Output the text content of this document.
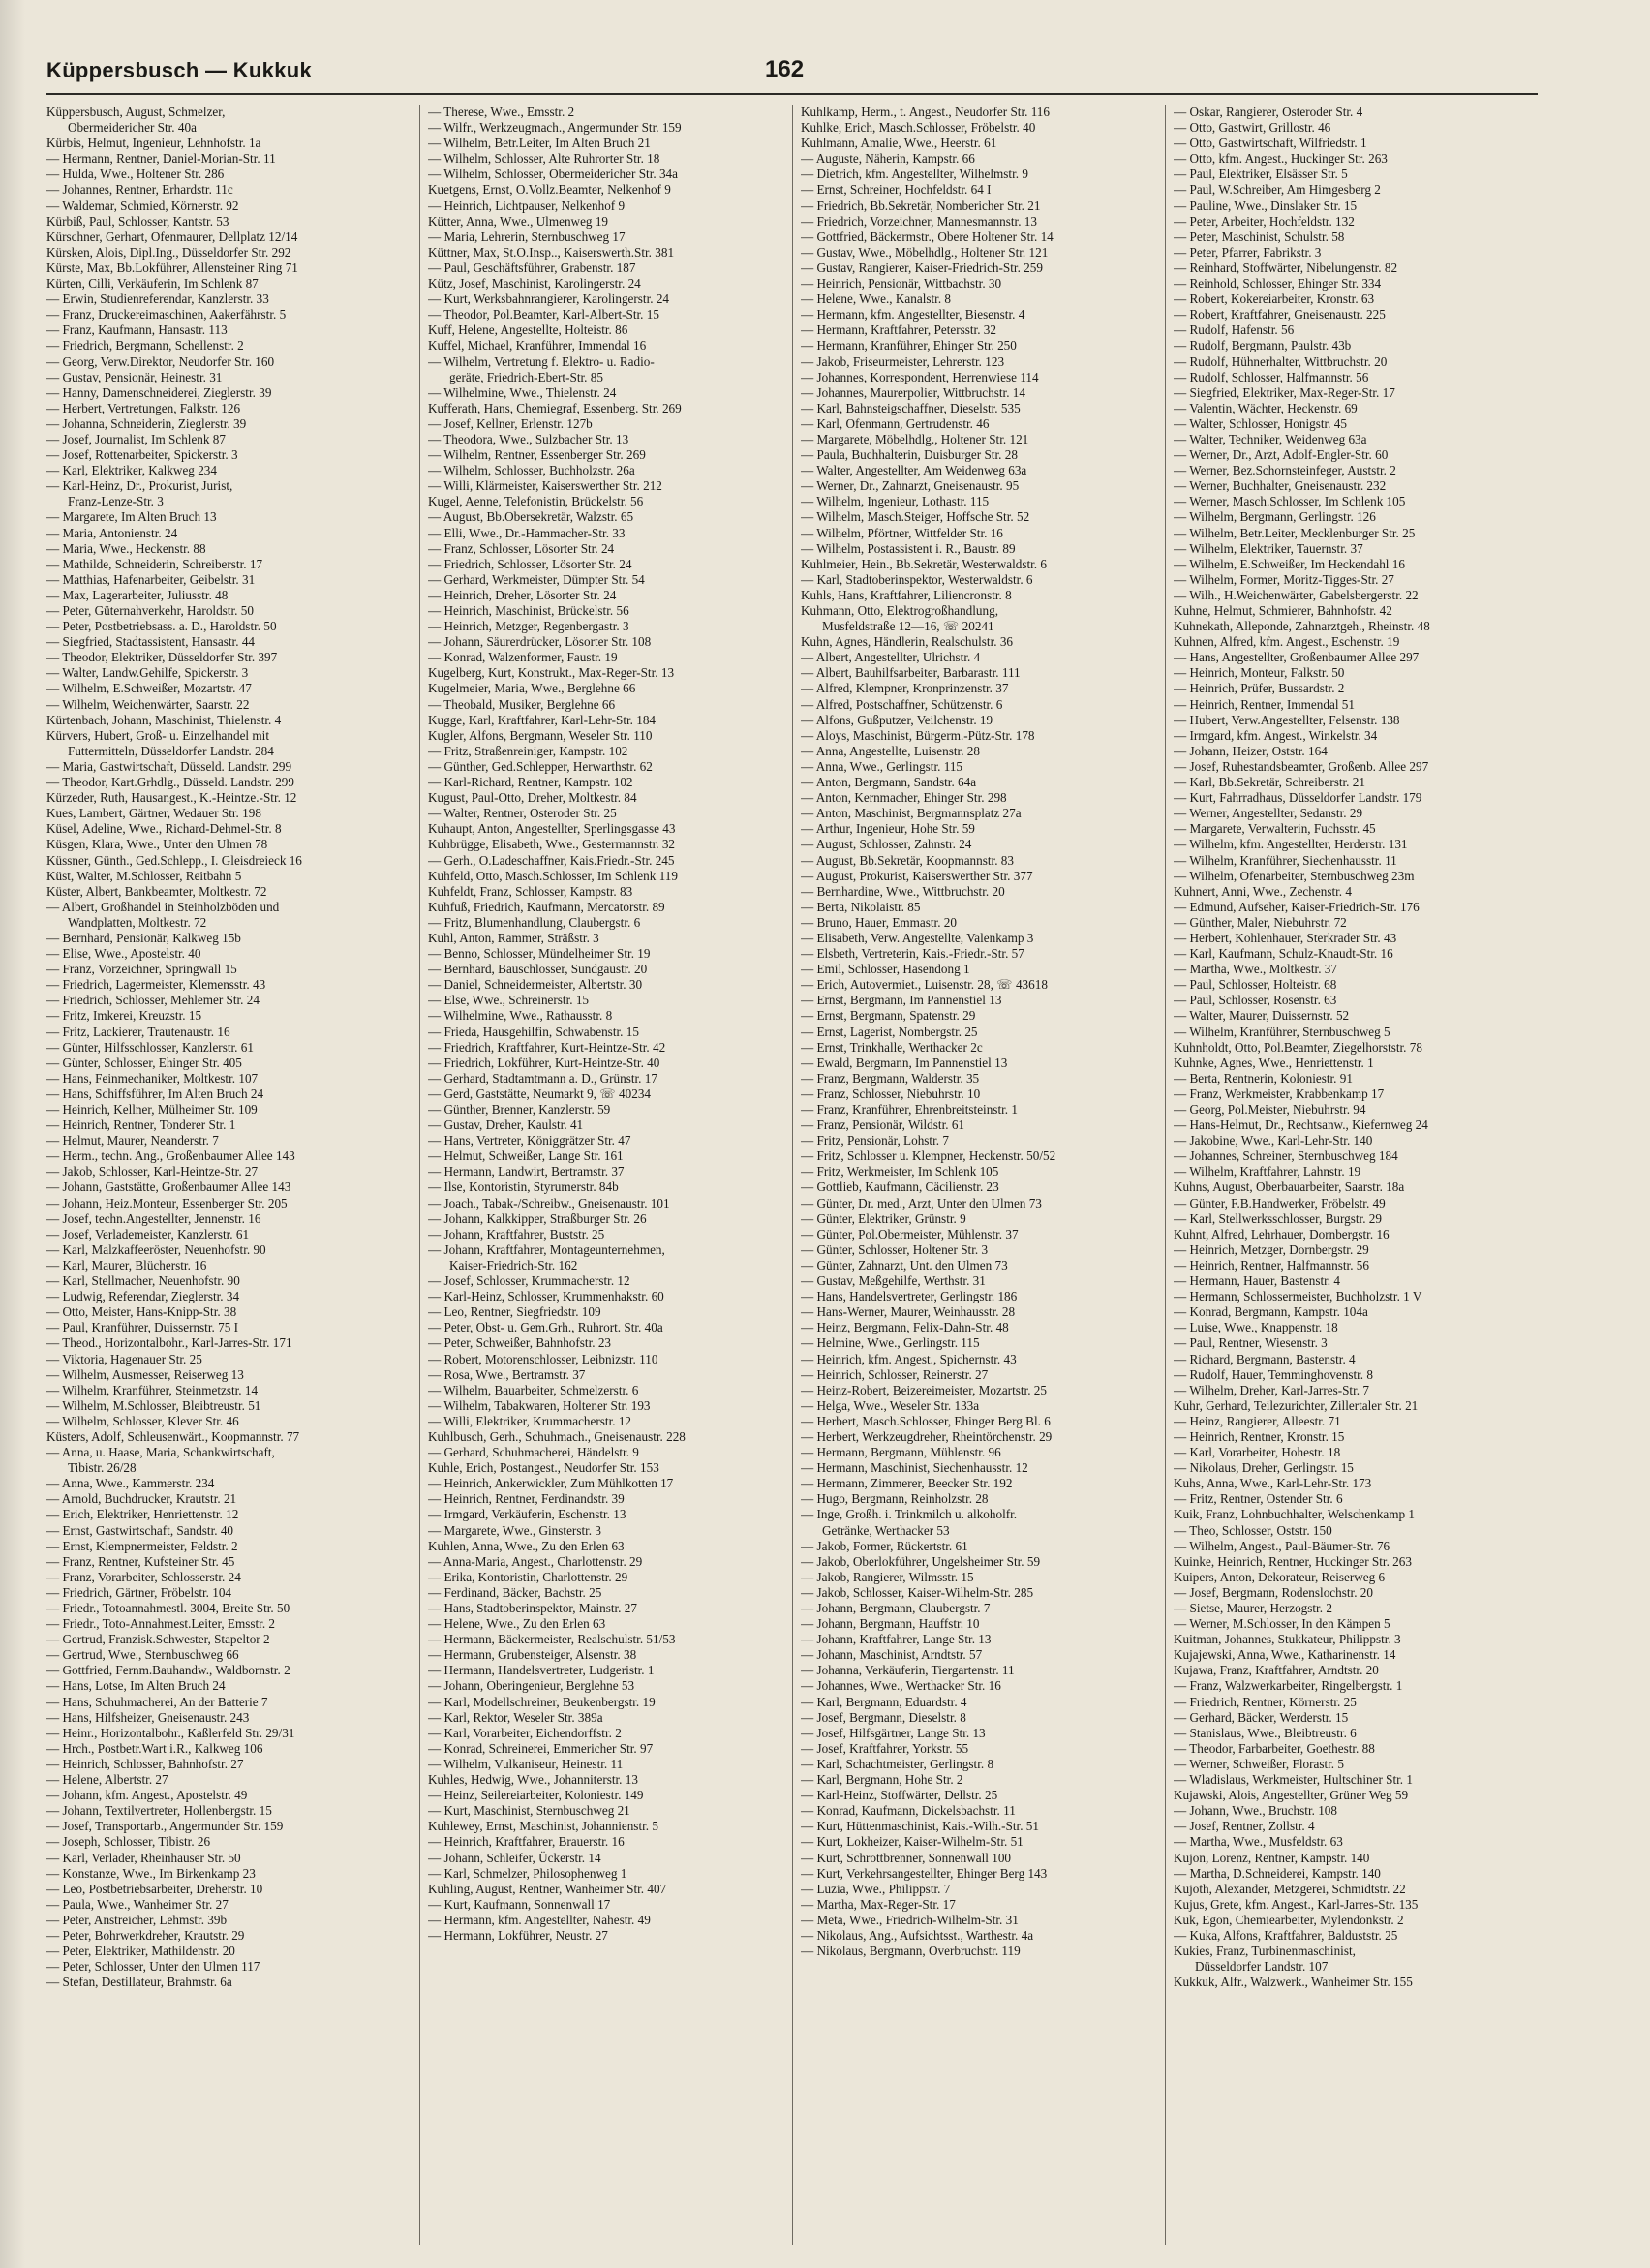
Küppersbusch — Kukkuk	162
Küppersbusch, August, Schmelzer,
Obermeidericher Str. 40a
Kürbis, Helmut, Ingenieur, Lehnhofstr. 1a
— Hermann, Rentner, Daniel-Morian-Str. 11
— Hulda, Wwe., Holtener Str. 286
— Johannes, Rentner, Erhardstr. 11c
— Waldemar, Schmied, Körnerstr. 92
Kürbiß, Paul, Schlosser, Kantstr. 53
Kürschner, Gerhart, Ofenmaurer, Dellplatz 12/14
Kürsken, Alois, Dipl.Ing., Düsseldorfer Str. 292
Kürste, Max, Bb.Lokführer, Allensteiner Ring 71
Kürten, Cilli, Verkäuferin, Im Schlenk 87
— Erwin, Studienreferendar, Kanzlerstr. 33
— Franz, Druckereimaschinen, Aakerfährstr. 5
— Franz, Kaufmann, Hansastr. 113
— Friedrich, Bergmann, Schellenstr. 2
— Georg, Verw.Direktor, Neudorfer Str. 160
— Gustav, Pensionär, Heinestr. 31
— Hanny, Damenschneiderei, Zieglerstr. 39
— Herbert, Vertretungen, Falkstr. 126
— Johanna, Schneiderin, Zieglerstr. 39
— Josef, Journalist, Im Schlenk 87
— Josef, Rottenarbeiter, Spickerstr. 3
— Karl, Elektriker, Kalkweg 234
— Karl-Heinz, Dr., Prokurist, Jurist,
Franz-Lenze-Str. 3
— Margarete, Im Alten Bruch 13
— Maria, Antonienstr. 24
— Maria, Wwe., Heckenstr. 88
— Mathilde, Schneiderin, Schreiberstr. 17
— Matthias, Hafenarbeiter, Geibelstr. 31
— Max, Lagerarbeiter, Juliusstr. 48
— Peter, Güternahverkehr, Haroldstr. 50
— Peter, Postbetriebsass. a. D., Haroldstr. 50
— Siegfried, Stadtassistent, Hansastr. 44
— Theodor, Elektriker, Düsseldorfer Str. 397
— Walter, Landw.Gehilfe, Spickerstr. 3
— Wilhelm, E.Schweißer, Mozartstr. 47
— Wilhelm, Weichenwärter, Saarstr. 22
Kürtenbach, Johann, Maschinist, Thielenstr. 4
Kürvers, Hubert, Groß- u. Einzelhandel mit
Futtermitteln, Düsseldorfer Landstr. 284
— Maria, Gastwirtschaft, Düsseld. Landstr. 299
— Theodor, Kart.Grhdlg., Düsseld. Landstr. 299
Kürzeder, Ruth, Hausangest., K.-Heintze.-Str. 12
Kues, Lambert, Gärtner, Wedauer Str. 198
Küsel, Adeline, Wwe., Richard-Dehmel-Str. 8
Küsgen, Klara, Wwe., Unter den Ulmen 78
Küssner, Günth., Ged.Schlepp., I. Gleisdreieck 16
Küst, Walter, M.Schlosser, Reitbahn 5
Küster, Albert, Bankbeamter, Moltkestr. 72
— Albert, Großhandel in Steinholzböden und
Wandplatten, Moltkestr. 72
— Bernhard, Pensionär, Kalkweg 15b
— Elise, Wwe., Apostelstr. 40
— Franz, Vorzeichner, Springwall 15
— Friedrich, Lagermeister, Klemensstr. 43
— Friedrich, Schlosser, Mehlemer Str. 24
— Fritz, Imkerei, Kreuzstr. 15
— Fritz, Lackierer, Trautenaustr. 16
— Günter, Hilfsschlosser, Kanzlerstr. 61
— Günter, Schlosser, Ehinger Str. 405
— Hans, Feinmechaniker, Moltkestr. 107
— Hans, Schiffsführer, Im Alten Bruch 24
— Heinrich, Kellner, Mülheimer Str. 109
— Heinrich, Rentner, Tonderer Str. 1
— Helmut, Maurer, Neanderstr. 7
— Herm., techn. Ang., Großenbaumer Allee 143
— Jakob, Schlosser, Karl-Heintze-Str. 27
— Johann, Gaststätte, Großenbaumer Allee 143
— Johann, Heiz.Monteur, Essenberger Str. 205
— Josef, techn.Angestellter, Jennenstr. 16
— Josef, Verlademeister, Kanzlerstr. 61
— Karl, Malzkaffeeröster, Neuenhofstr. 90
— Karl, Maurer, Blücherstr. 16
— Karl, Stellmacher, Neuenhofstr. 90
— Ludwig, Referendar, Zieglerstr. 34
— Otto, Meister, Hans-Knipp-Str. 38
— Paul, Kranführer, Duissernstr. 75 I
— Theod., Horizontalbohr., Karl-Jarres-Str. 171
— Viktoria, Hagenauer Str. 25
— Wilhelm, Ausmesser, Reiserweg 13
— Wilhelm, Kranführer, Steinmetzstr. 14
— Wilhelm, M.Schlosser, Bleibtreustr. 51
— Wilhelm, Schlosser, Klever Str. 46
Küsters, Adolf, Schleusenwärt., Koopmannstr. 77
— Anna, u. Haase, Maria, Schankwirtschaft,
Tibistr. 26/28
— Anna, Wwe., Kammerstr. 234
— Arnold, Buchdrucker, Krautstr. 21
— Erich, Elektriker, Henriettenstr. 12
— Ernst, Gastwirtschaft, Sandstr. 40
— Ernst, Klempnermeister, Feldstr. 2
— Franz, Rentner, Kufsteiner Str. 45
— Franz, Vorarbeiter, Schlosserstr. 24
— Friedrich, Gärtner, Fröbelstr. 104
— Friedr., Totoannahmestl. 3004, Breite Str. 50
— Friedr., Toto-Annahmest.Leiter, Emsstr. 2
— Gertrud, Franzisk.Schwester, Stapeltor 2
— Gertrud, Wwe., Sternbuschweg 66
— Gottfried, Fernm.Bauhandw., Waldbornstr. 2
— Hans, Lotse, Im Alten Bruch 24
— Hans, Schuhmacherei, An der Batterie 7
— Hans, Hilfsheizer, Gneisenaustr. 243
— Heinr., Horizontalbohr., Kaßlerfeld Str. 29/31
— Hrch., Postbetr.Wart i.R., Kalkweg 106
— Heinrich, Schlosser, Bahnhofstr. 27
— Helene, Albertstr. 27
— Johann, kfm. Angest., Apostelstr. 49
— Johann, Textilvertreter, Hollenbergstr. 15
— Josef, Transportarb., Angermunder Str. 159
— Joseph, Schlosser, Tibistr. 26
— Karl, Verlader, Rheinhauser Str. 50
— Konstanze, Wwe., Im Birkenkamp 23
— Leo, Postbetriebsarbeiter, Dreherstr. 10
— Paula, Wwe., Wanheimer Str. 27
— Peter, Anstreicher, Lehmstr. 39b
— Peter, Bohrwerkdreher, Krautstr. 29
— Peter, Elektriker, Mathildenstr. 20
— Peter, Schlosser, Unter den Ulmen 117
— Stefan, Destillateur, Brahmstr. 6a
— Therese, Wwe., Emsstr. 2
— Wilfr., Werkzeugmach., Angermunder Str. 159
— Wilhelm, Betr.Leiter, Im Alten Bruch 21
— Wilhelm, Schlosser, Alte Ruhrorter Str. 18
— Wilhelm, Schlosser, Obermeidericher Str. 34a
Kuetgens, Ernst, O.Vollz.Beamter, Nelkenhof 9
— Heinrich, Lichtpauser, Nelkenhof 9
Kütter, Anna, Wwe., Ulmenweg 19
— Maria, Lehrerin, Sternbuschweg 17
Küttner, Max, St.O.Insp.., Kaiserswerth.Str. 381
— Paul, Geschäftsführer, Grabenstr. 187
Kütz, Josef, Maschinist, Karolingerstr. 24
— Kurt, Werksbahnrangierer, Karolingerstr. 24
— Theodor, Pol.Beamter, Karl-Albert-Str. 15
Kuff, Helene, Angestellte, Holteistr. 86
Kuffel, Michael, Kranführer, Immendal 16
— Wilhelm, Vertretung f. Elektro- u. Radio-
geräte, Friedrich-Ebert-Str. 85
— Wilhelmine, Wwe., Thielenstr. 24
Kufferath, Hans, Chemiegraf, Essenberg. Str. 269
— Josef, Kellner, Erlenstr. 127b
— Theodora, Wwe., Sulzbacher Str. 13
— Wilhelm, Rentner, Essenberger Str. 269
— Wilhelm, Schlosser, Buchholzstr. 26a
— Willi, Klärmeister, Kaiserswerther Str. 212
Kugel, Aenne, Telefonistin, Brückelstr. 56
— August, Bb.Obersekretär, Walzstr. 65
— Elli, Wwe., Dr.-Hammacher-Str. 33
— Franz, Schlosser, Lösorter Str. 24
— Friedrich, Schlosser, Lösorter Str. 24
— Gerhard, Werkmeister, Dümpter Str. 54
— Heinrich, Dreher, Lösorter Str. 24
— Heinrich, Maschinist, Brückelstr. 56
— Heinrich, Metzger, Regenbergastr. 3
— Johann, Säurerdrücker, Lösorter Str. 108
— Konrad, Walzenformer, Faustr. 19
Kugelberg, Kurt, Konstrukt., Max-Reger-Str. 13
Kugelmeier, Maria, Wwe., Berglehne 66
— Theobald, Musiker, Berglehne 66
Kugge, Karl, Kraftfahrer, Karl-Lehr-Str. 184
Kugler, Alfons, Bergmann, Weseler Str. 110
— Fritz, Straßenreiniger, Kampstr. 102
— Günther, Ged.Schlepper, Herwarthstr. 62
— Karl-Richard, Rentner, Kampstr. 102
Kugust, Paul-Otto, Dreher, Moltkestr. 84
— Walter, Rentner, Osteroder Str. 25
Kuhaupt, Anton, Angestellter, Sperlingsgasse 43
Kuhbrügge, Elisabeth, Wwe., Gestermannstr. 32
— Gerh., O.Ladeschaffner, Kais.Friedr.-Str. 245
Kuhfeld, Otto, Masch.Schlosser, Im Schlenk 119
Kuhfeldt, Franz, Schlosser, Kampstr. 83
Kuhfuß, Friedrich, Kaufmann, Mercatorstr. 89
— Fritz, Blumenhandlung, Claubergstr. 6
Kuhl, Anton, Rammer, Sträßstr. 3
— Benno, Schlosser, Mündelheimer Str. 19
— Bernhard, Bauschlosser, Sundgaustr. 20
— Daniel, Schneidermeister, Albertstr. 30
— Else, Wwe., Schreinerstr. 15
— Wilhelmine, Wwe., Rathausstr. 8
— Frieda, Hausgehilfin, Schwabenstr. 15
— Friedrich, Kraftfahrer, Kurt-Heintze-Str. 42
— Friedrich, Lokführer, Kurt-Heintze-Str. 40
— Gerhard, Stadtamtmann a. D., Grünstr. 17
— Gerd, Gaststätte, Neumarkt 9, ☏ 40234
— Günther, Brenner, Kanzlerstr. 59
— Gustav, Dreher, Kaulstr. 41
— Hans, Vertreter, Königgrätzer Str. 47
— Helmut, Schweißer, Lange Str. 161
— Hermann, Landwirt, Bertramstr. 37
— Ilse, Kontoristin, Styrumerstr. 84b
— Joach., Tabak-/Schreibw., Gneisenaustr. 101
— Johann, Kalkkipper, Straßburger Str. 26
— Johann, Kraftfahrer, Buststr. 25
— Johann, Kraftfahrer, Montageunternehmen,
Kaiser-Friedrich-Str. 162
— Josef, Schlosser, Krummacherstr. 12
— Karl-Heinz, Schlosser, Krummenhakstr. 60
— Leo, Rentner, Siegfriedstr. 109
— Peter, Obst- u. Gem.Grh., Ruhrort. Str. 40a
— Peter, Schweißer, Bahnhofstr. 23
— Robert, Motorenschlosser, Leibnizstr. 110
— Rosa, Wwe., Bertramstr. 37
— Wilhelm, Bauarbeiter, Schmelzerstr. 6
— Wilhelm, Tabakwaren, Holtener Str. 193
— Willi, Elektriker, Krummacherstr. 12
Kuhlbusch, Gerh., Schuhmach., Gneisenaustr. 228
— Gerhard, Schuhmacherei, Händelstr. 9
Kuhle, Erich, Postangest., Neudorfer Str. 153
— Heinrich, Ankerwickler, Zum Mühlkotten 17
— Heinrich, Rentner, Ferdinandstr. 39
— Irmgard, Verkäuferin, Eschenstr. 13
— Margarete, Wwe., Ginsterstr. 3
Kuhlen, Anna, Wwe., Zu den Erlen 63
— Anna-Maria, Angest., Charlottenstr. 29
— Erika, Kontoristin, Charlottenstr. 29
— Ferdinand, Bäcker, Bachstr. 25
— Hans, Stadtoberinspektor, Mainstr. 27
— Helene, Wwe., Zu den Erlen 63
— Hermann, Bäckermeister, Realschulstr. 51/53
— Hermann, Grubensteiger, Alsenstr. 38
— Hermann, Handelsvertreter, Ludgeristr. 1
— Johann, Oberingenieur, Berglehne 53
— Karl, Modellschreiner, Beukenbergstr. 19
— Karl, Rektor, Weseler Str. 389a
— Karl, Vorarbeiter, Eichendorffstr. 2
— Konrad, Schreinerei, Emmericher Str. 97
— Wilhelm, Vulkaniseur, Heinestr. 11
Kuhles, Hedwig, Wwe., Johanniterstr. 13
— Heinz, Seilereiarbeiter, Koloniestr. 149
— Kurt, Maschinist, Sternbuschweg 21
Kuhlewey, Ernst, Maschinist, Johannienstr. 5
— Heinrich, Kraftfahrer, Brauerstr. 16
— Johann, Schleifer, Ückerstr. 14
— Karl, Schmelzer, Philosophenweg 1
Kuhling, August, Rentner, Wanheimer Str. 407
— Kurt, Kaufmann, Sonnenwall 17
— Hermann, kfm. Angestellter, Nahestr. 49
— Hermann, Lokführer, Neustr. 27
Kuhlkamp, Herm., t. Angest., Neudorfer Str. 116
Kuhlke, Erich, Masch.Schlosser, Fröbelstr. 40
Kuhlmann, Amalie, Wwe., Heerstr. 61
— Auguste, Näherin, Kampstr. 66
— Dietrich, kfm. Angestellter, Wilhelmstr. 9
— Ernst, Schreiner, Hochfeldstr. 64 I
— Friedrich, Bb.Sekretär, Nombericher Str. 21
— Friedrich, Vorzeichner, Mannesmannstr. 13
— Gottfried, Bäckermstr., Obere Holtener Str. 14
— Gustav, Wwe., Möbelhdlg., Holtener Str. 121
— Gustav, Rangierer, Kaiser-Friedrich-Str. 259
— Heinrich, Pensionär, Wittbachstr. 30
— Helene, Wwe., Kanalstr. 8
— Hermann, kfm. Angestellter, Biesenstr. 4
— Hermann, Kraftfahrer, Petersstr. 32
— Hermann, Kranführer, Ehinger Str. 250
— Jakob, Friseurmeister, Lehrerstr. 123
— Johannes, Korrespondent, Herrenwiese 114
— Johannes, Maurerpolier, Wittbruchstr. 14
— Karl, Bahnsteigschaffner, Dieselstr. 535
— Karl, Ofenmann, Gertrudenstr. 46
— Margarete, Möbelhdlg., Holtener Str. 121
— Paula, Buchhalterin, Duisburger Str. 28
— Walter, Angestellter, Am Weidenweg 63a
— Werner, Dr., Zahnarzt, Gneisenaustr. 95
— Wilhelm, Ingenieur, Lothastr. 115
— Wilhelm, Masch.Steiger, Hoffsche Str. 52
— Wilhelm, Pförtner, Wittfelder Str. 16
— Wilhelm, Postassistent i. R., Baustr. 89
Kuhlmeier, Hein., Bb.Sekretär, Westerwaldstr. 6
— Karl, Stadtoberinspektor, Westerwaldstr. 6
Kuhls, Hans, Kraftfahrer, Liliencronstr. 8
Kuhmann, Otto, Elektrogroßhandlung,
Musfeldstraße 12—16, ☏ 20241
Kuhn, Agnes, Händlerin, Realschulstr. 36
— Albert, Angestellter, Ulrichstr. 4
— Albert, Bauhilfsarbeiter, Barbarastr. 111
— Alfred, Klempner, Kronprinzenstr. 37
— Alfred, Postschaffner, Schützenstr. 6
— Alfons, Gußputzer, Veilchenstr. 19
— Aloys, Maschinist, Bürgerm.-Pütz-Str. 178
— Anna, Angestellte, Luisenstr. 28
— Anna, Wwe., Gerlingstr. 115
— Anton, Bergmann, Sandstr. 64a
— Anton, Kernmacher, Ehinger Str. 298
— Anton, Maschinist, Bergmannsplatz 27a
— Arthur, Ingenieur, Hohe Str. 59
— August, Schlosser, Zahnstr. 24
— August, Bb.Sekretär, Koopmannstr. 83
— August, Prokurist, Kaiserswerther Str. 377
— Bernhardine, Wwe., Wittbruchstr. 20
— Berta, Nikolaistr. 85
— Bruno, Hauer, Emmastr. 20
— Elisabeth, Verw. Angestellte, Valenkamp 3
— Elsbeth, Vertreterin, Kais.-Friedr.-Str. 57
— Emil, Schlosser, Hasendong 1
— Erich, Autovermiet., Luisenstr. 28, ☏ 43618
— Ernst, Bergmann, Im Pannenstiel 13
— Ernst, Bergmann, Spatenstr. 29
— Ernst, Lagerist, Nombergstr. 25
— Ernst, Trinkhalle, Werthacker 2c
— Ewald, Bergmann, Im Pannenstiel 13
— Franz, Bergmann, Walderstr. 35
— Franz, Schlosser, Niebuhrstr. 10
— Franz, Kranführer, Ehrenbreitsteinstr. 1
— Franz, Pensionär, Wildstr. 61
— Fritz, Pensionär, Lohstr. 7
— Fritz, Schlosser u. Klempner, Heckenstr. 50/52
— Fritz, Werkmeister, Im Schlenk 105
— Gottlieb, Kaufmann, Cäcilienstr. 23
— Günter, Dr. med., Arzt, Unter den Ulmen 73
— Günter, Elektriker, Grünstr. 9
— Günter, Pol.Obermeister, Mühlenstr. 37
— Günter, Schlosser, Holtener Str. 3
— Günter, Zahnarzt, Unt. den Ulmen 73
— Gustav, Meßgehilfe, Werthstr. 31
— Hans, Handelsvertreter, Gerlingstr. 186
— Hans-Werner, Maurer, Weinhausstr. 28
— Heinz, Bergmann, Felix-Dahn-Str. 48
— Helmine, Wwe., Gerlingstr. 115
— Heinrich, kfm. Angest., Spichernstr. 43
— Heinrich, Schlosser, Reinerstr. 27
— Heinz-Robert, Beizereimeister, Mozartstr. 25
— Helga, Wwe., Weseler Str. 133a
— Herbert, Masch.Schlosser, Ehinger Berg Bl. 6
— Herbert, Werkzeugdreher, Rheintörchenstr. 29
— Hermann, Bergmann, Mühlenstr. 96
— Hermann, Maschinist, Siechenhausstr. 12
— Hermann, Zimmerer, Beecker Str. 192
— Hugo, Bergmann, Reinholzstr. 28
— Inge, Großh. i. Trinkmilch u. alkoholfr.
Getränke, Werthacker 53
— Jakob, Former, Rückertstr. 61
— Jakob, Oberlokführer, Ungelsheimer Str. 59
— Jakob, Rangierer, Wilmsstr. 15
— Jakob, Schlosser, Kaiser-Wilhelm-Str. 285
— Johann, Bergmann, Claubergstr. 7
— Johann, Bergmann, Hauffstr. 10
— Johann, Kraftfahrer, Lange Str. 13
— Johann, Maschinist, Arndtstr. 57
— Johanna, Verkäuferin, Tiergartenstr. 11
— Johannes, Wwe., Werthacker Str. 16
— Karl, Bergmann, Eduardstr. 4
— Josef, Bergmann, Dieselstr. 8
— Josef, Hilfsgärtner, Lange Str. 13
— Josef, Kraftfahrer, Yorkstr. 55
— Karl, Schachtmeister, Gerlingstr. 8
— Karl, Bergmann, Hohe Str. 2
— Karl-Heinz, Stoffwärter, Dellstr. 25
— Konrad, Kaufmann, Dickelsbachstr. 11
— Kurt, Hüttenmaschinist, Kais.-Wilh.-Str. 51
— Kurt, Lokheizer, Kaiser-Wilhelm-Str. 51
— Kurt, Schrottbrenner, Sonnenwall 100
— Kurt, Verkehrsangestellter, Ehinger Berg 143
— Luzia, Wwe., Philippstr. 7
— Martha, Max-Reger-Str. 17
— Meta, Wwe., Friedrich-Wilhelm-Str. 31
— Nikolaus, Ang., Aufsichtsst., Warthestr. 4a
— Nikolaus, Bergmann, Overbruchstr. 119
— Oskar, Rangierer, Osteroder Str. 4
— Otto, Gastwirt, Grillostr. 46
— Otto, Gastwirtschaft, Wilfriedstr. 1
— Otto, kfm. Angest., Huckinger Str. 263
— Paul, Elektriker, Elsässer Str. 5
— Paul, W.Schreiber, Am Himgesberg 2
— Pauline, Wwe., Dinslaker Str. 15
— Peter, Arbeiter, Hochfeldstr. 132
— Peter, Maschinist, Schulstr. 58
— Peter, Pfarrer, Fabrikstr. 3
— Reinhard, Stoffwärter, Nibelungenstr. 82
— Reinhold, Schlosser, Ehinger Str. 334
— Robert, Kokereiarbeiter, Kronstr. 63
— Robert, Kraftfahrer, Gneisenaustr. 225
— Rudolf, Hafenstr. 56
— Rudolf, Bergmann, Paulstr. 43b
— Rudolf, Hühnerhalter, Wittbruchstr. 20
— Rudolf, Schlosser, Halfmannstr. 56
— Siegfried, Elektriker, Max-Reger-Str. 17
— Valentin, Wächter, Heckenstr. 69
— Walter, Schlosser, Honigstr. 45
— Walter, Techniker, Weidenweg 63a
— Werner, Dr., Arzt, Adolf-Engler-Str. 60
— Werner, Bez.Schornsteinfeger, Auststr. 2
— Werner, Buchhalter, Gneisenaustr. 232
— Werner, Masch.Schlosser, Im Schlenk 105
— Wilhelm, Bergmann, Gerlingstr. 126
— Wilhelm, Betr.Leiter, Mecklenburger Str. 25
— Wilhelm, Elektriker, Tauernstr. 37
— Wilhelm, E.Schweißer, Im Heckendahl 16
— Wilhelm, Former, Moritz-Tigges-Str. 27
— Wilh., H.Weichenwärter, Gabelsbergerstr. 22
Kuhne, Helmut, Schmierer, Bahnhofstr. 42
Kuhnekath, Alleponde, Zahnarztgeh., Rheinstr. 48
Kuhnen, Alfred, kfm. Angest., Eschenstr. 19
— Hans, Angestellter, Großenbaumer Allee 297
— Heinrich, Monteur, Falkstr. 50
— Heinrich, Prüfer, Bussardstr. 2
— Heinrich, Rentner, Immendal 51
— Hubert, Verw.Angestellter, Felsenstr. 138
— Irmgard, kfm. Angest., Winkelstr. 34
— Johann, Heizer, Oststr. 164
— Josef, Ruhestandsbeamter, Großenb. Allee 297
— Karl, Bb.Sekretär, Schreiberstr. 21
— Kurt, Fahrradhaus, Düsseldorfer Landstr. 179
— Werner, Angestellter, Sedanstr. 29
— Margarete, Verwalterin, Fuchsstr. 45
— Wilhelm, kfm. Angestellter, Herderstr. 131
— Wilhelm, Kranführer, Siechenhausstr. 11
— Wilhelm, Ofenarbeiter, Sternbuschweg 23m
Kuhnert, Anni, Wwe., Zechenstr. 4
— Edmund, Aufseher, Kaiser-Friedrich-Str. 176
— Günther, Maler, Niebuhrstr. 72
— Herbert, Kohlenhauer, Sterkrader Str. 43
— Karl, Kaufmann, Schulz-Knaudt-Str. 16
— Martha, Wwe., Moltkestr. 37
— Paul, Schlosser, Holteistr. 68
— Paul, Schlosser, Rosenstr. 63
— Walter, Maurer, Duissernstr. 52
— Wilhelm, Kranführer, Sternbuschweg 5
Kuhnholdt, Otto, Pol.Beamter, Ziegelhorststr. 78
Kuhnke, Agnes, Wwe., Henriettenstr. 1
— Berta, Rentnerin, Koloniestr. 91
— Franz, Werkmeister, Krabbenkamp 17
— Georg, Pol.Meister, Niebuhrstr. 94
— Hans-Helmut, Dr., Rechtsanw., Kiefernweg 24
— Jakobine, Wwe., Karl-Lehr-Str. 140
— Johannes, Schreiner, Sternbuschweg 184
— Wilhelm, Kraftfahrer, Lahnstr. 19
Kuhns, August, Oberbauarbeiter, Saarstr. 18a
— Günter, F.B.Handwerker, Fröbelstr. 49
— Karl, Stellwerksschlosser, Burgstr. 29
Kuhnt, Alfred, Lehrhauer, Dornbergstr. 16
— Heinrich, Metzger, Dornbergstr. 29
— Heinrich, Rentner, Halfmannstr. 56
— Hermann, Hauer, Bastenstr. 4
— Hermann, Schlossermeister, Buchholzstr. 1 V
— Konrad, Bergmann, Kampstr. 104a
— Luise, Wwe., Knappenstr. 18
— Paul, Rentner, Wiesenstr. 3
— Richard, Bergmann, Bastenstr. 4
— Rudolf, Hauer, Temminghovenstr. 8
— Wilhelm, Dreher, Karl-Jarres-Str. 7
Kuhr, Gerhard, Teilezurichter, Zillertaler Str. 21
— Heinz, Rangierer, Alleestr. 71
— Heinrich, Rentner, Kronstr. 15
— Karl, Vorarbeiter, Hohestr. 18
— Nikolaus, Dreher, Gerlingstr. 15
Kuhs, Anna, Wwe., Karl-Lehr-Str. 173
— Fritz, Rentner, Ostender Str. 6
Kuik, Franz, Lohnbuchhalter, Welschenkamp 1
— Theo, Schlosser, Oststr. 150
— Wilhelm, Angest., Paul-Bäumer-Str. 76
Kuinke, Heinrich, Rentner, Huckinger Str. 263
Kuipers, Anton, Dekorateur, Reiserweg 6
— Josef, Bergmann, Rodenslochstr. 20
— Sietse, Maurer, Herzogstr. 2
— Werner, M.Schlosser, In den Kämpen 5
Kuitman, Johannes, Stukkateur, Philippstr. 3
Kujajewski, Anna, Wwe., Katharinenstr. 14
Kujawa, Franz, Kraftfahrer, Arndtstr. 20
— Franz, Walzwerkarbeiter, Ringelbergstr. 1
— Friedrich, Rentner, Körnerstr. 25
— Gerhard, Bäcker, Werderstr. 15
— Stanislaus, Wwe., Bleibtreustr. 6
— Theodor, Farbarbeiter, Goethestr. 88
— Werner, Schweißer, Florastr. 5
— Wladislaus, Werkmeister, Hultschiner Str. 1
Kujawski, Alois, Angestellter, Grüner Weg 59
— Johann, Wwe., Bruchstr. 108
— Josef, Rentner, Zollstr. 4
— Martha, Wwe., Musfeldstr. 63
Kujon, Lorenz, Rentner, Kampstr. 140
— Martha, D.Schneiderei, Kampstr. 140
Kujoth, Alexander, Metzgerei, Schmidtstr. 22
Kujus, Grete, kfm. Angest., Karl-Jarres-Str. 135
Kuk, Egon, Chemiearbeiter, Mylendonkstr. 2
— Kuka, Alfons, Kraftfahrer, Balduststr. 25
Kukies, Franz, Turbinenmaschinist,
Düsseldorfer Landstr. 107
Kukkuk, Alfr., Walzwerk., Wanheimer Str. 155
